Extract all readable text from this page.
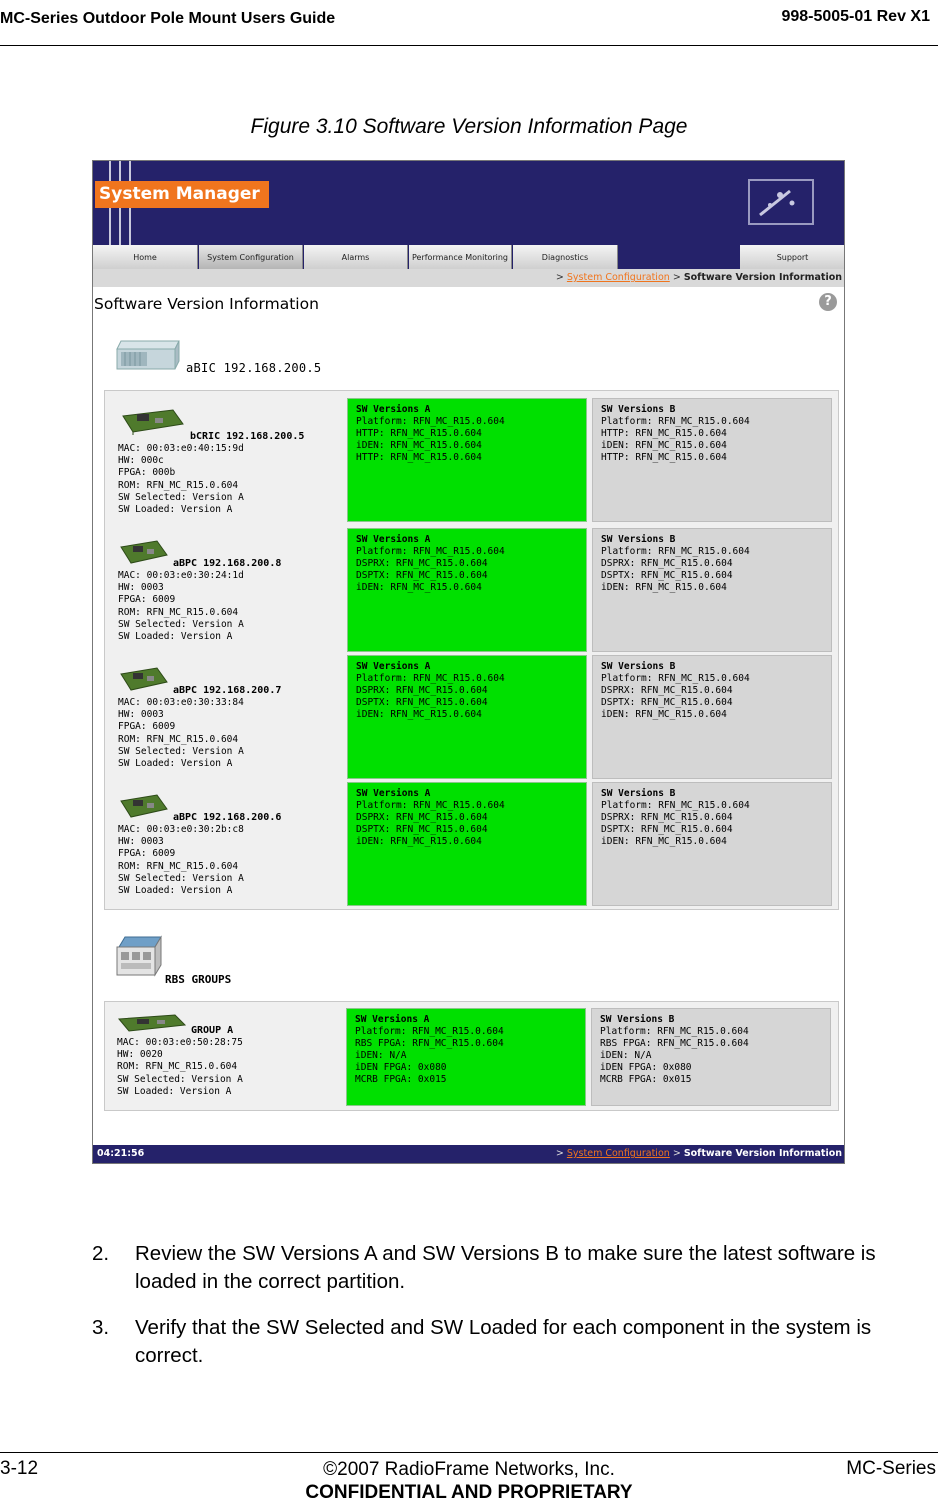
MC-Series Outdoor Pole Mount Users Guide	998-5005-01 Rev X1
Figure 3.10 Software Version Information Page
System Manager
Home	System Configuration	Alarms	Performance Monitoring	Diagnostics	Support
> System Configuration > Software Version Information
Software Version Information	?
aBIC 192.168.200.5
bCRIC 192.168.200.5
MAC: 00:03:e0:40:15:9d
HW: 000c
FPGA: 000b
ROM: RFN_MC_R15.0.604
SW Selected: Version A
SW Loaded: Version A
SW Versions A
Platform: RFN_MC_R15.0.604
HTTP: RFN_MC_R15.0.604
iDEN: RFN_MC_R15.0.604
HTTP: RFN_MC_R15.0.604
SW Versions B
Platform: RFN_MC_R15.0.604
HTTP: RFN_MC_R15.0.604
iDEN: RFN_MC_R15.0.604
HTTP: RFN_MC_R15.0.604
aBPC 192.168.200.8
MAC: 00:03:e0:30:24:1d
HW: 0003
FPGA: 6009
ROM: RFN_MC_R15.0.604
SW Selected: Version A
SW Loaded: Version A
SW Versions A
Platform: RFN_MC_R15.0.604
DSPRX: RFN_MC_R15.0.604
DSPTX: RFN_MC_R15.0.604
iDEN: RFN_MC_R15.0.604
SW Versions B
Platform: RFN_MC_R15.0.604
DSPRX: RFN_MC_R15.0.604
DSPTX: RFN_MC_R15.0.604
iDEN: RFN_MC_R15.0.604
aBPC 192.168.200.7
MAC: 00:03:e0:30:33:84
HW: 0003
FPGA: 6009
ROM: RFN_MC_R15.0.604
SW Selected: Version A
SW Loaded: Version A
SW Versions A
Platform: RFN_MC_R15.0.604
DSPRX: RFN_MC_R15.0.604
DSPTX: RFN_MC_R15.0.604
iDEN: RFN_MC_R15.0.604
SW Versions B
Platform: RFN_MC_R15.0.604
DSPRX: RFN_MC_R15.0.604
DSPTX: RFN_MC_R15.0.604
iDEN: RFN_MC_R15.0.604
aBPC 192.168.200.6
MAC: 00:03:e0:30:2b:c8
HW: 0003
FPGA: 6009
ROM: RFN_MC_R15.0.604
SW Selected: Version A
SW Loaded: Version A
SW Versions A
Platform: RFN_MC_R15.0.604
DSPRX: RFN_MC_R15.0.604
DSPTX: RFN_MC_R15.0.604
iDEN: RFN_MC_R15.0.604
SW Versions B
Platform: RFN_MC_R15.0.604
DSPRX: RFN_MC_R15.0.604
DSPTX: RFN_MC_R15.0.604
iDEN: RFN_MC_R15.0.604
RBS GROUPS
GROUP A
MAC: 00:03:e0:50:28:75
HW: 0020
ROM: RFN_MC_R15.0.604
SW Selected: Version A
SW Loaded: Version A
SW Versions A
Platform: RFN_MC_R15.0.604
RBS FPGA: RFN_MC_R15.0.604
iDEN: N/A
iDEN FPGA: 0x080
MCRB FPGA: 0x015
SW Versions B
Platform: RFN_MC_R15.0.604
RBS FPGA: RFN_MC_R15.0.604
iDEN: N/A
iDEN FPGA: 0x080
MCRB FPGA: 0x015
04:21:56	> System Configuration > Software Version Information
2. Review the SW Versions A and SW Versions B to make sure the latest software is loaded in the correct partition.
3. Verify that the SW Selected and SW Loaded for each component in the system is correct.
3-12	©2007 RadioFrame Networks, Inc.
CONFIDENTIAL AND PROPRIETARY
MC-Series
